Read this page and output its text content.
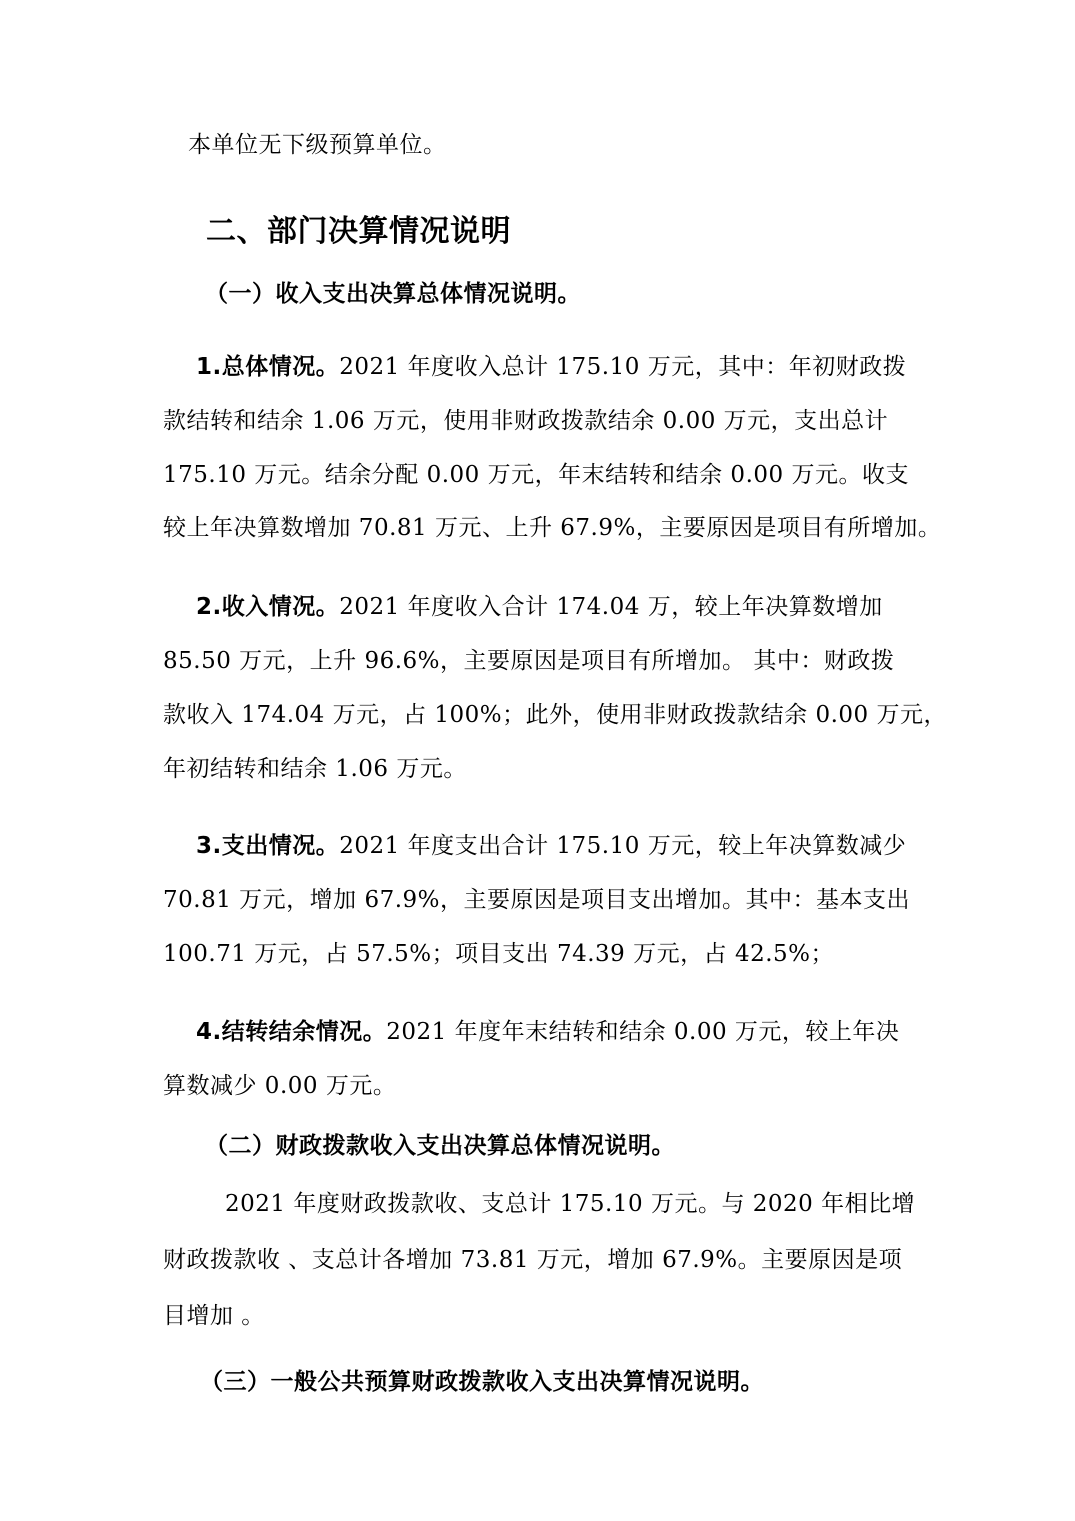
本单位无下级预算单位。
二、部门决算情况说明
（一）收入支出决算总体情况说明。
1.总体情况。2021 年度收入总计 175.10 万元，其中：年初财政拨
款结转和结余 1.06 万元，使用非财政拨款结余 0.00 万元，支出总计
175.10 万元。结余分配 0.00 万元，年末结转和结余 0.00 万元。收支
较上年决算数增加 70.81 万元、上升 67.9%，主要原因是项目有所增加。
2.收入情况。2021 年度收入合计 174.04 万，较上年决算数增加
85.50 万元，上升 96.6%，主要原因是项目有所增加。 其中：财政拨
款收入 174.04 万元，占 100%；此外，使用非财政拨款结余 0.00 万元，
年初结转和结余 1.06 万元。
3.支出情况。2021 年度支出合计 175.10 万元，较上年决算数减少
70.81 万元，增加 67.9%，主要原因是项目支出增加。其中：基本支出
100.71 万元，占 57.5%；项目支出 74.39 万元，占 42.5%；
4.结转结余情况。2021 年度年末结转和结余 0.00 万元，较上年决
算数减少 0.00 万元。
（二）财政拨款收入支出决算总体情况说明。
2021 年度财政拨款收、支总计 175.10 万元。与 2020 年相比增
财政拨款收 、支总计各增加 73.81 万元，增加 67.9%。主要原因是项
目增加 。
（三）一般公共预算财政拨款收入支出决算情况说明。
